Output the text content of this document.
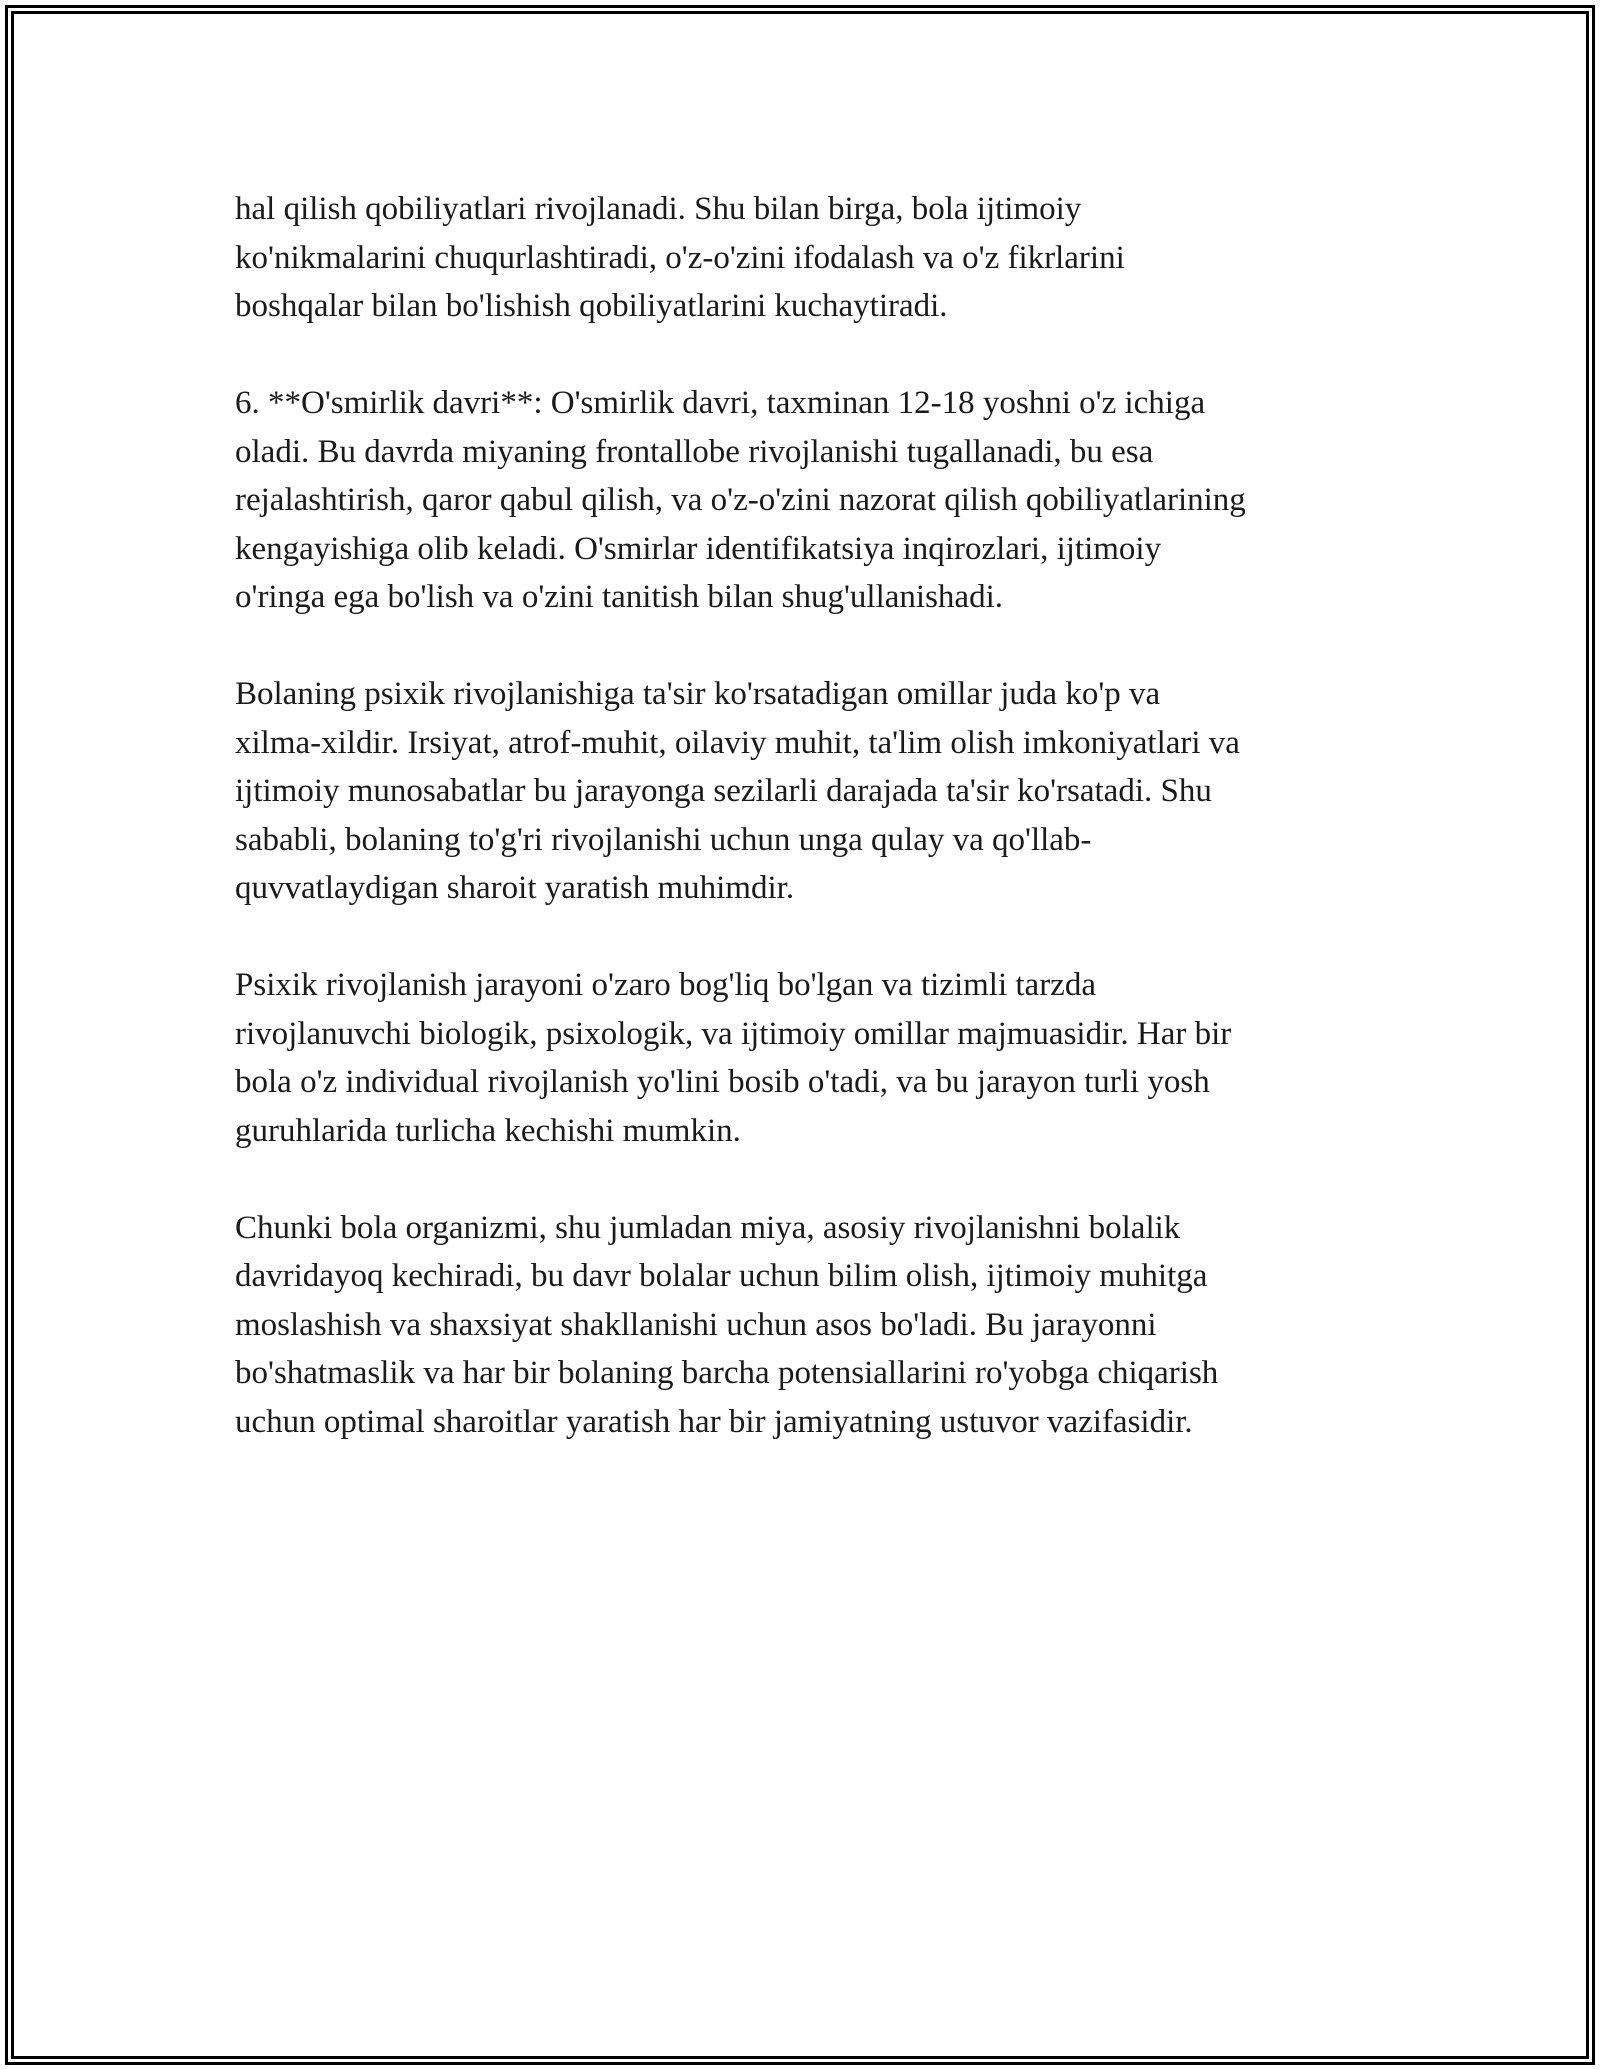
hal qilish qobiliyatlari rivojlanadi. Shu bilan birga, bola ijtimoiy
ko'nikmalarini chuqurlashtiradi, o'z-o'zini ifodalash va o'z fikrlarini
boshqalar bilan bo'lishish qobiliyatlarini kuchaytiradi.

6. **O'smirlik davri**: O'smirlik davri, taxminan 12-18 yoshni o'z ichiga
oladi. Bu davrda miyaning frontallobe rivojlanishi tugallanadi, bu esa
rejalashtirish, qaror qabul qilish, va o'z-o'zini nazorat qilish qobiliyatlarining
kengayishiga olib keladi. O'smirlar identifikatsiya inqirozlari, ijtimoiy
o'ringa ega bo'lish va o'zini tanitish bilan shug'ullanishadi.

Bolaning psixik rivojlanishiga ta'sir ko'rsatadigan omillar juda ko'p va
xilma-xildir. Irsiyat, atrof-muhit, oilaviy muhit, ta'lim olish imkoniyatlari va
ijtimoiy munosabatlar bu jarayonga sezilarli darajada ta'sir ko'rsatadi. Shu
sababli, bolaning to'g'ri rivojlanishi uchun unga qulay va qo'llab-
quvvatlaydigan sharoit yaratish muhimdir.

Psixik rivojlanish jarayoni o'zaro bog'liq bo'lgan va tizimli tarzda
rivojlanuvchi biologik, psixologik, va ijtimoiy omillar majmuasidir. Har bir
bola o'z individual rivojlanish yo'lini bosib o'tadi, va bu jarayon turli yosh
guruhlarida turlicha kechishi mumkin.

Chunki bola organizmi, shu jumladan miya, asosiy rivojlanishni bolalik
davridayoq kechiradi, bu davr bolalar uchun bilim olish, ijtimoiy muhitga
moslashish va shaxsiyat shakllanishi uchun asos bo'ladi. Bu jarayonni
bo'shatmaslik va har bir bolaning barcha potensiallarini ro'yobga chiqarish
uchun optimal sharoitlar yaratish har bir jamiyatning ustuvor vazifasidir.
